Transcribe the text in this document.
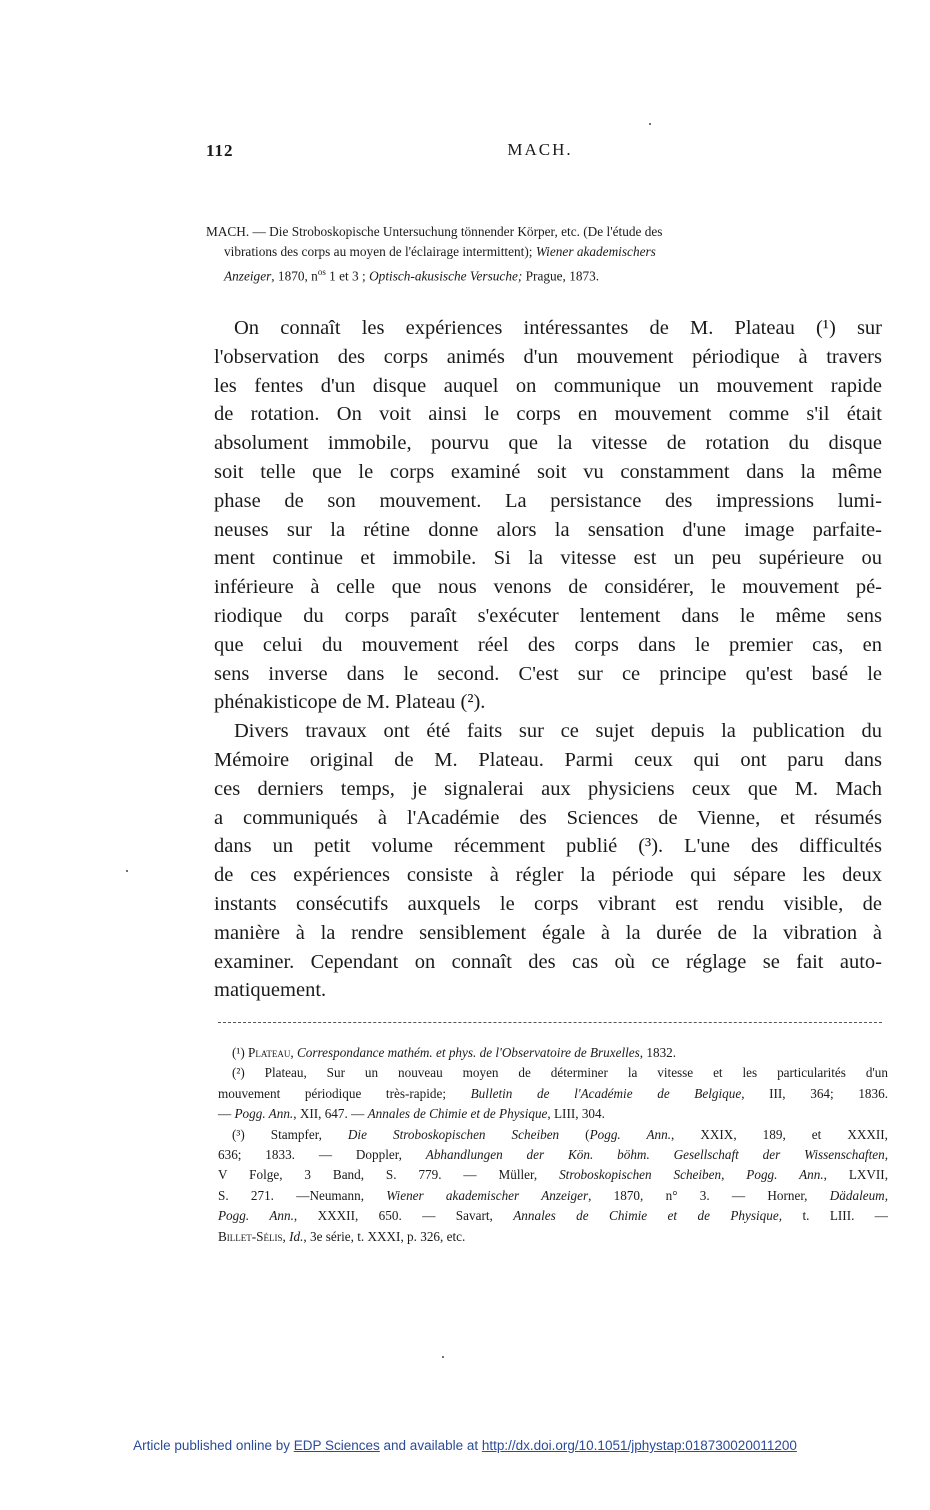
112	MACH.
MACH. — Die Stroboskopische Untersuchung tönnender Körper, etc. (De l'étude des
vibrations des corps au moyen de l'éclairage intermittent); Wiener akademischers
Anzeiger, 1870, $n^{os}$ 1 et 3 ; Optisch-akusische Versuche; Prague, 1873.
On connaît les expériences intéressantes de M. Plateau (¹) sur
l'observation des corps animés d'un mouvement périodique à travers
les fentes d'un disque auquel on communique un mouvement rapide
de rotation. On voit ainsi le corps en mouvement comme s'il était
absolument immobile, pourvu que la vitesse de rotation du disque
soit telle que le corps examiné soit vu constamment dans la même
phase de son mouvement. La persistance des impressions lumi-
neuses sur la rétine donne alors la sensation d'une image parfaite-
ment continue et immobile. Si la vitesse est un peu supérieure ou
inférieure à celle que nous venons de considérer, le mouvement pé-
riodique du corps paraît s'exécuter lentement dans le même sens
que celui du mouvement réel des corps dans le premier cas, en
sens inverse dans le second. C'est sur ce principe qu'est basé le
phénakisticope de M. Plateau (²).
Divers travaux ont été faits sur ce sujet depuis la publication du
Mémoire original de M. Plateau. Parmi ceux qui ont paru dans
ces derniers temps, je signalerai aux physiciens ceux que M. Mach
a communiqués à l'Académie des Sciences de Vienne, et résumés
dans un petit volume récemment publié (³). L'une des difficultés
de ces expériences consiste à régler la période qui sépare les deux
instants consécutifs auxquels le corps vibrant est rendu visible, de
manière à la rendre sensiblement égale à la durée de la vibration à
examiner. Cependant on connaît des cas où ce réglage se fait auto-
matiquement.
(¹) Plateau, Correspondance mathém. et phys. de l'Observatoire de Bruxelles, 1832.
(²) Plateau, Sur un nouveau moyen de déterminer la vitesse et les particularités d'un
mouvement périodique très-rapide; Bulletin de l'Académie de Belgique, III, 364; 1836.
— Pogg. Ann., XII, 647. — Annales de Chimie et de Physique, LIII, 304.
(³) Stampfer, Die Stroboskopischen Scheiben (Pogg. Ann., XXIX, 189, et XXXII,
636; 1833. — Doppler, Abhandlungen der Kön. böhm. Gesellschaft der Wissenschaften,
V Folge, 3 Band, S. 779. — Müller, Stroboskopischen Scheiben, Pogg. Ann., LXVII,
S. 271. —Neumann, Wiener akademischer Anzeiger, 1870, n° 3. — Horner, Dädaleum,
Pogg. Ann., XXXII, 650. — Savart, Annales de Chimie et de Physique, t. LIII. —
Billet-Sélis, Id., 3e série, t. XXXI, p. 326, etc.
Article published online by EDP Sciences and available at http://dx.doi.org/10.1051/jphystap:018730020011200
